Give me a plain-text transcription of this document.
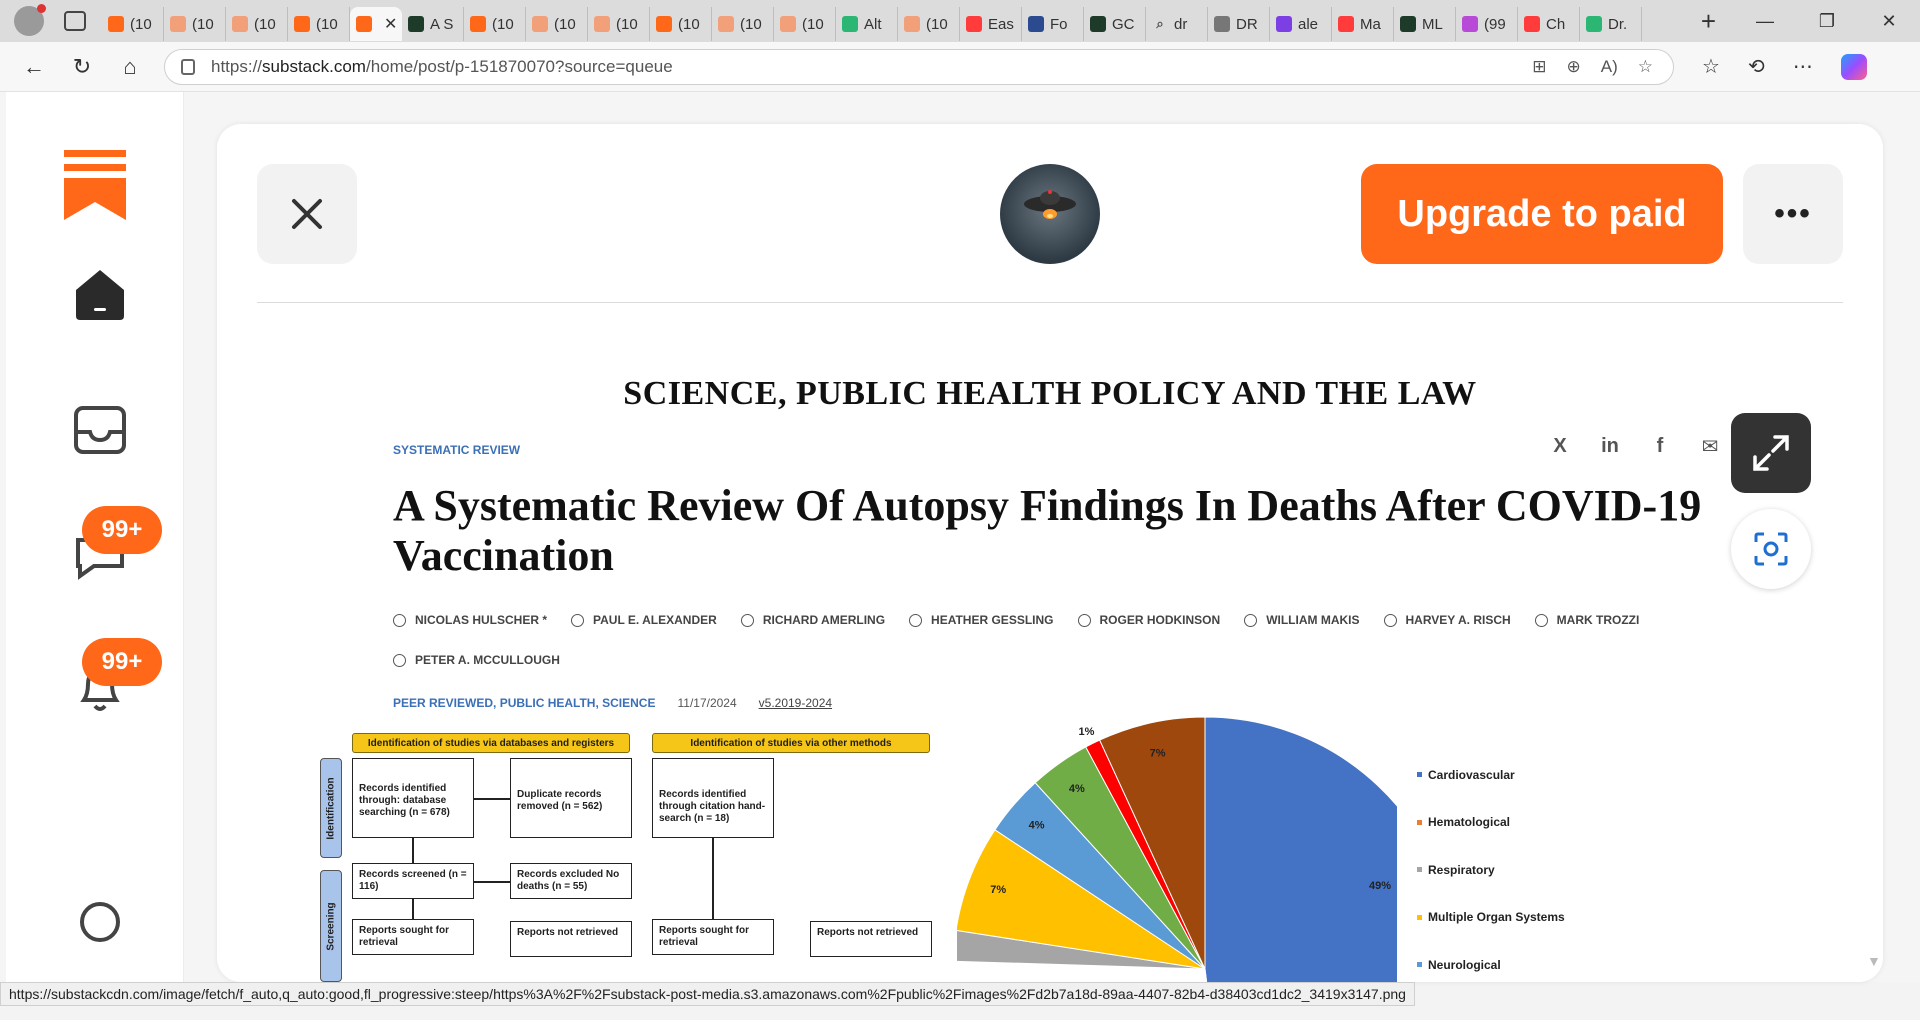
(10	(10	(10	(10	✕ A S	(10	(10	(10	(10	(10	(10	Alt	(10	Eas Fo	GC	⌕ dr	DR	ale	Ma	ML	(99	Ch	Dr.	+	—	❐	✕
←	↻	⌂	https:// substack.com /home/post/p-151870070?source=queue	⊞ ⊕ A) ☆ ☆ ⟲ ⋯
99+
99+
Upgrade to paid	•••
SCIENCE, PUBLIC HEALTH POLICY AND THE LAW
SYSTEMATIC REVIEW	X	in	f	✉
A Systematic Review Of Autopsy Findings In Deaths After COVID-19 Vaccination
NICOLAS HULSCHER *	PAUL E. ALEXANDER	RICHARD AMERLING	HEATHER GESSLING	ROGER HODKINSON	WILLIAM MAKIS	HARVEY A. RISCH	MARK TROZZI
PETER A. MCCULLOUGH
PEER REVIEWED, PUBLIC HEALTH, SCIENCE 11/17/2024 v5.2019-2024
Identification of studies via databases and registers	Identification of studies via other methods
Identification
Screening
Records identified through: database searching (n = 678)
Duplicate records removed (n = 562)
Records identified through citation hand-search (n = 18)
Records screened (n = 116)
Records excluded No deaths (n = 55)
Reports sought for retrieval
Reports not retrieved	Reports sought for retrieval
Reports not retrieved
49%
7%
4%
4%
1%
7%
Cardiovascular
Hematological
Respiratory
Multiple Organ Systems
Neurological	▼
https://substackcdn.com/image/fetch/f_auto,q_auto:good,fl_progressive:steep/https%3A%2F%2Fsubstack-post-media.s3.amazonaws.com%2Fpublic%2Fimages%2Fd2b7a18d-89aa-4407-82b4-d38403cd1dc2_3419x3147.png
